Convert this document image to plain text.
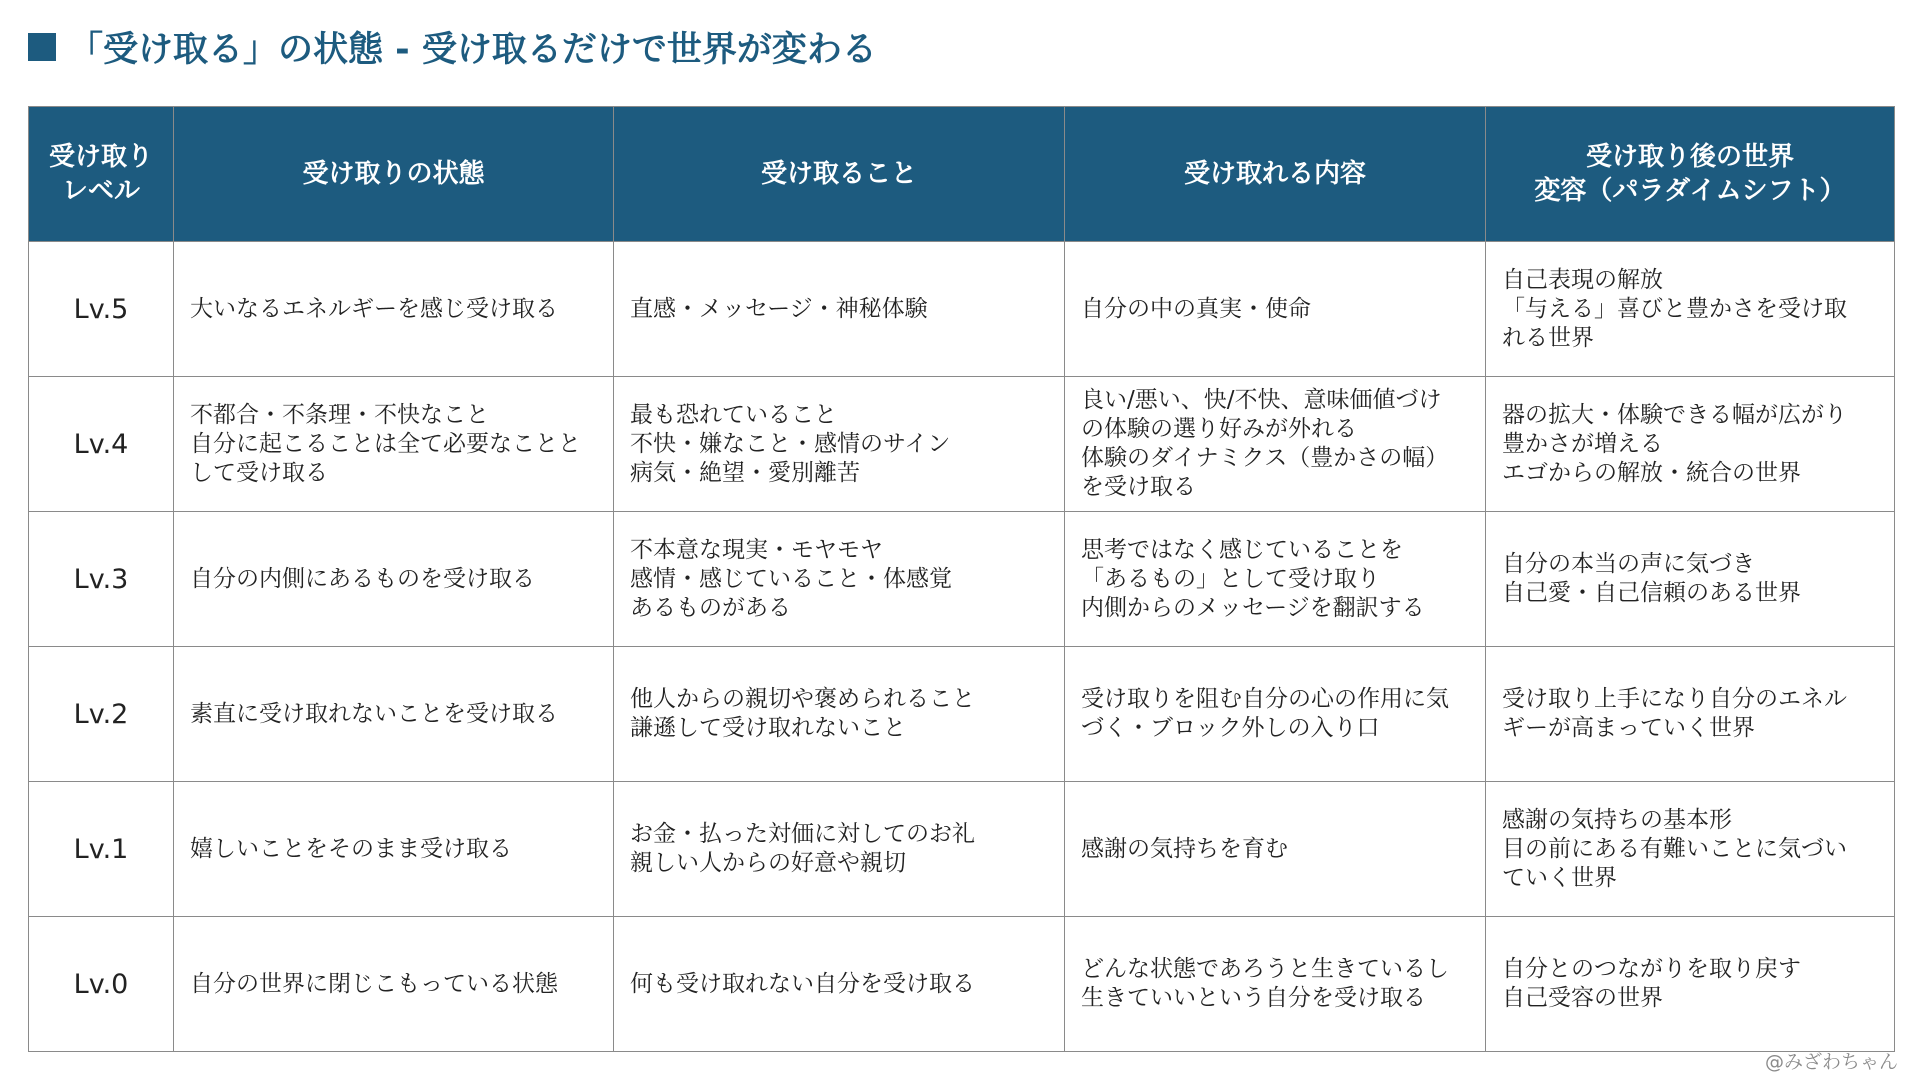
「受け取る」の状態 - 受け取るだけで世界が変わる
受け取り
レベル	受け取りの状態	受け取ること	受け取れる内容	受け取り後の世界
変容（パラダイムシフト）
Lv.5	大いなるエネルギーを感じ受け取る	直感・メッセージ・神秘体験	自分の中の真実・使命	自己表現の解放
「与える」喜びと豊かさを受け取
れる世界
Lv.4	不都合・不条理・不快なこと
自分に起こることは全て必要なことと
して受け取る	最も恐れていること
不快・嫌なこと・感情のサイン
病気・絶望・愛別離苦	良い/悪い、快/不快、意味価値づけ
の体験の選り好みが外れる
体験のダイナミクス（豊かさの幅）
を受け取る	器の拡大・体験できる幅が広がり
豊かさが増える
エゴからの解放・統合の世界
Lv.3	自分の内側にあるものを受け取る	不本意な現実・モヤモヤ
感情・感じていること・体感覚
あるものがある	思考ではなく感じていることを
「あるもの」として受け取り
内側からのメッセージを翻訳する	自分の本当の声に気づき
自己愛・自己信頼のある世界
Lv.2	素直に受け取れないことを受け取る	他人からの親切や褒められること
謙遜して受け取れないこと	受け取りを阻む自分の心の作用に気
づく・ブロック外しの入り口	受け取り上手になり自分のエネル
ギーが高まっていく世界
Lv.1	嬉しいことをそのまま受け取る	お金・払った対価に対してのお礼
親しい人からの好意や親切	感謝の気持ちを育む	感謝の気持ちの基本形
目の前にある有難いことに気づい
ていく世界
Lv.0	自分の世界に閉じこもっている状態	何も受け取れない自分を受け取る	どんな状態であろうと生きているし
生きていいという自分を受け取る	自分とのつながりを取り戻す
自己受容の世界
@みざわちゃん
